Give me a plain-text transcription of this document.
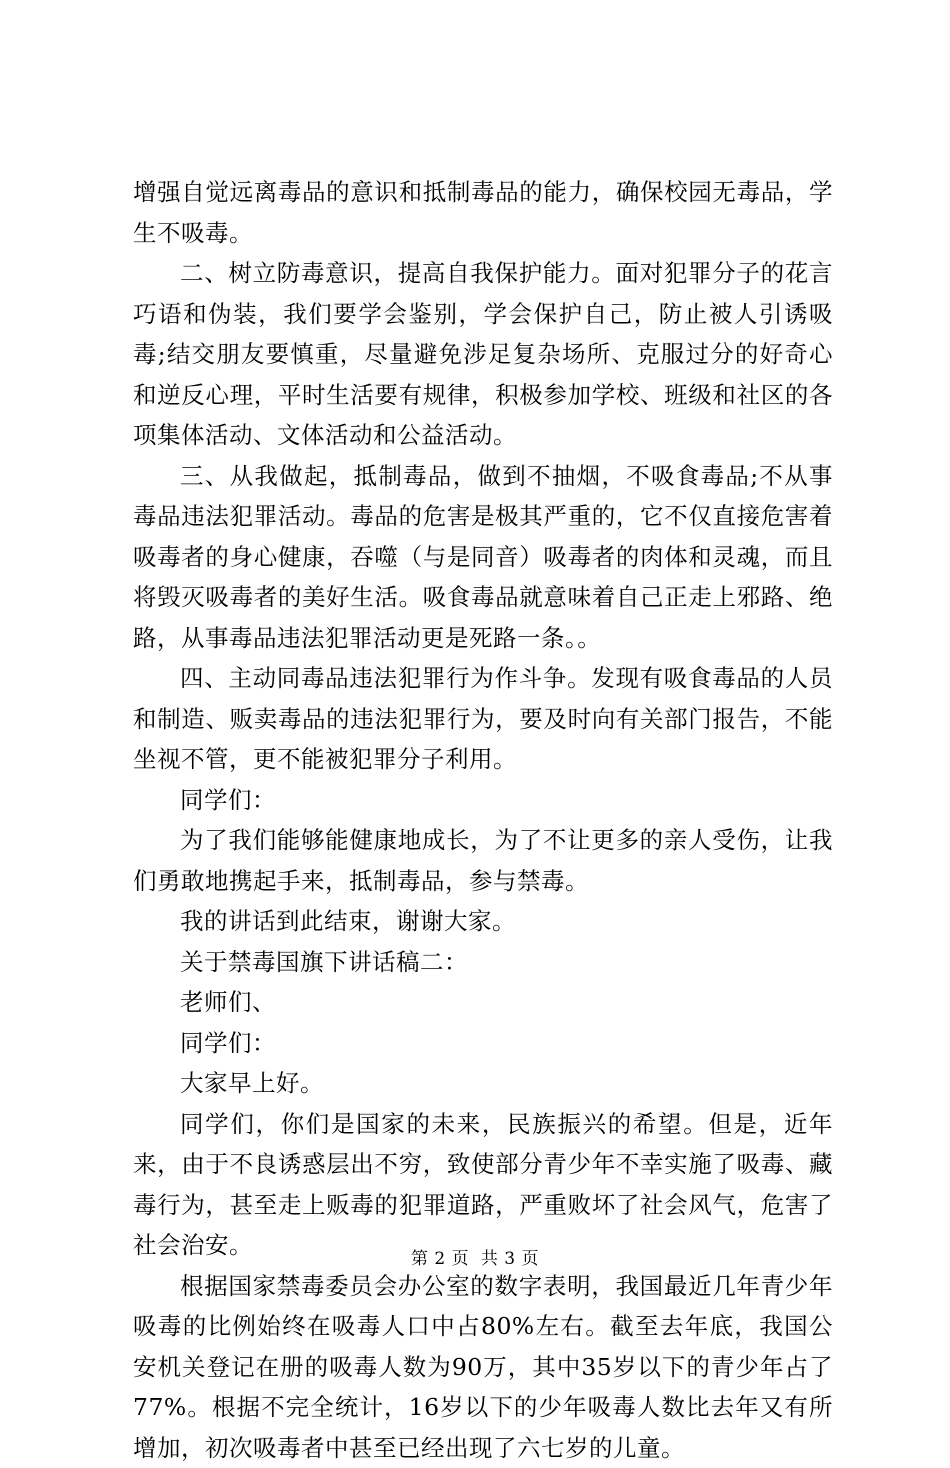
增强自觉远离毒品的意识和抵制毒品的能力，确保校园无毒品，学生不吸毒。

二、树立防毒意识，提高自我保护能力。面对犯罪分子的花言巧语和伪装，我们要学会鉴别，学会保护自己，防止被人引诱吸毒;结交朋友要慎重，尽量避免涉足复杂场所、克服过分的好奇心和逆反心理，平时生活要有规律，积极参加学校、班级和社区的各项集体活动、文体活动和公益活动。

三、从我做起，抵制毒品，做到不抽烟，不吸食毒品;不从事毒品违法犯罪活动。毒品的危害是极其严重的，它不仅直接危害着吸毒者的身心健康，吞噬（与是同音）吸毒者的肉体和灵魂，而且将毁灭吸毒者的美好生活。吸食毒品就意味着自己正走上邪路、绝路，从事毒品违法犯罪活动更是死路一条。。

四、主动同毒品违法犯罪行为作斗争。发现有吸食毒品的人员和制造、贩卖毒品的违法犯罪行为，要及时向有关部门报告，不能坐视不管，更不能被犯罪分子利用。

同学们：

为了我们能够能健康地成长，为了不让更多的亲人受伤，让我们勇敢地携起手来，抵制毒品，参与禁毒。

我的讲话到此结束，谢谢大家。

关于禁毒国旗下讲话稿二：

老师们、

同学们：

大家早上好。

同学们，你们是国家的未来，民族振兴的希望。但是，近年来，由于不良诱惑层出不穷，致使部分青少年不幸实施了吸毒、藏毒行为，甚至走上贩毒的犯罪道路，严重败坏了社会风气，危害了社会治安。

根据国家禁毒委员会办公室的数字表明，我国最近几年青少年吸毒的比例始终在吸毒人口中占80%左右。截至去年底，我国公安机关登记在册的吸毒人数为90万，其中35岁以下的青少年占了77%。根据不完全统计，16岁以下的少年吸毒人数比去年又有所增加，初次吸毒者中甚至已经出现了六七岁的儿童。

第 2 页  共 3 页
